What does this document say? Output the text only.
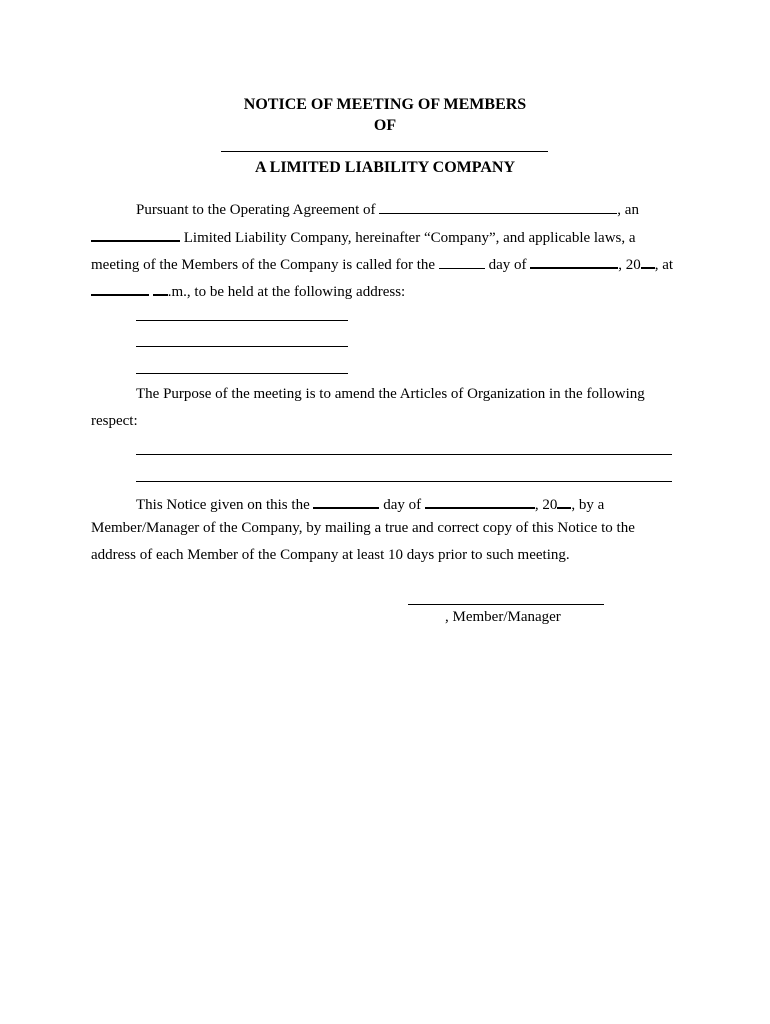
NOTICE OF MEETING OF MEMBERS
OF
A LIMITED LIABILITY COMPANY
Pursuant to the Operating Agreement of	, an
Limited Liability Company, hereinafter “Company”, and applicable laws, a
meeting of the Members of the Company is called for the	day of	, 20 , at
.m., to be held at the following address:
The Purpose of the meeting is to amend the Articles of Organization in the following
respect:
This Notice given on this the	day of	, 20 , by a
Member/Manager of the Company, by mailing a true and correct copy of this Notice to the
address of each Member of the Company at least 10 days prior to such meeting.
, Member/Manager
